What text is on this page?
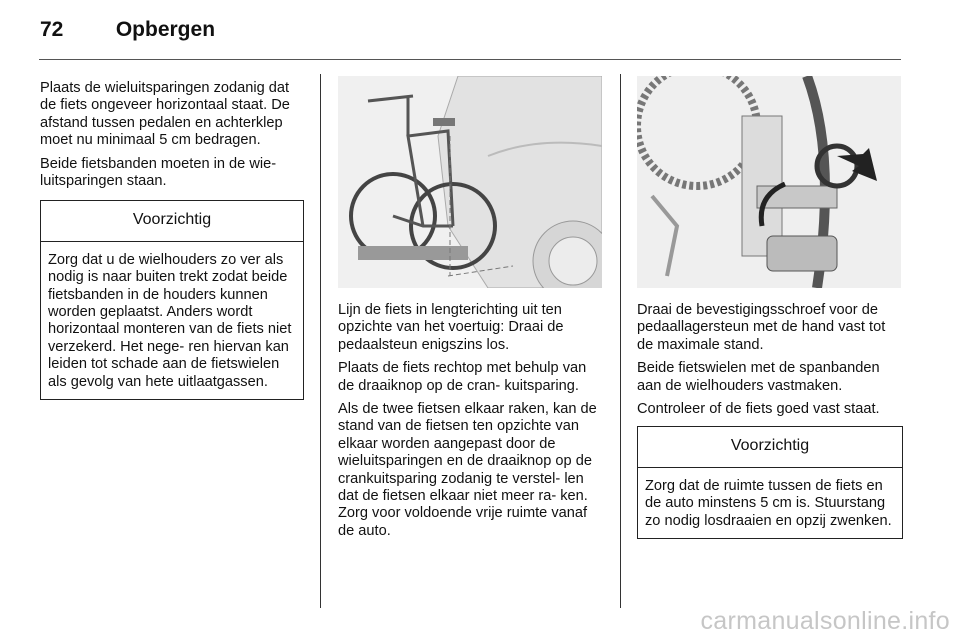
72 Opbergen

Plaats de wieluitsparingen zodanig dat de fiets ongeveer horizontaal staat. De afstand tussen pedalen en achterklep moet nu minimaal 5 cm bedragen.

Beide fietsbanden moeten in de wie- luitsparingen staan.

Voorzichtig
Zorg dat u de wielhouders zo ver als nodig is naar buiten trekt zodat beide fietsbanden in de houders kunnen worden geplaatst. Anders wordt horizontaal monteren van de fiets niet verzekerd. Het nege- ren hiervan kan leiden tot schade aan de fietswielen als gevolg van hete uitlaatgassen.

Lijn de fiets in lengterichting uit ten opzichte van het voertuig: Draai de pedaalsteun enigszins los.

Plaats de fiets rechtop met behulp van de draaiknop op de cran- kuitsparing.

Als de twee fietsen elkaar raken, kan de stand van de fietsen ten opzichte van elkaar worden aangepast door de wieluitsparingen en de draaiknop op de crankuitsparing zodanig te verstel- len dat de fietsen elkaar niet meer ra- ken. Zorg voor voldoende vrije ruimte vanaf de auto.

Draai de bevestigingsschroef voor de pedaallagersteun met de hand vast tot de maximale stand.

Beide fietswielen met de spanbanden aan de wielhouders vastmaken.

Controleer of de fiets goed vast staat.

Voorzichtig
Zorg dat de ruimte tussen de fiets en de auto minstens 5 cm is. Stuurstang zo nodig losdraaien en opzij zwenken.
carmanualsonline.info
